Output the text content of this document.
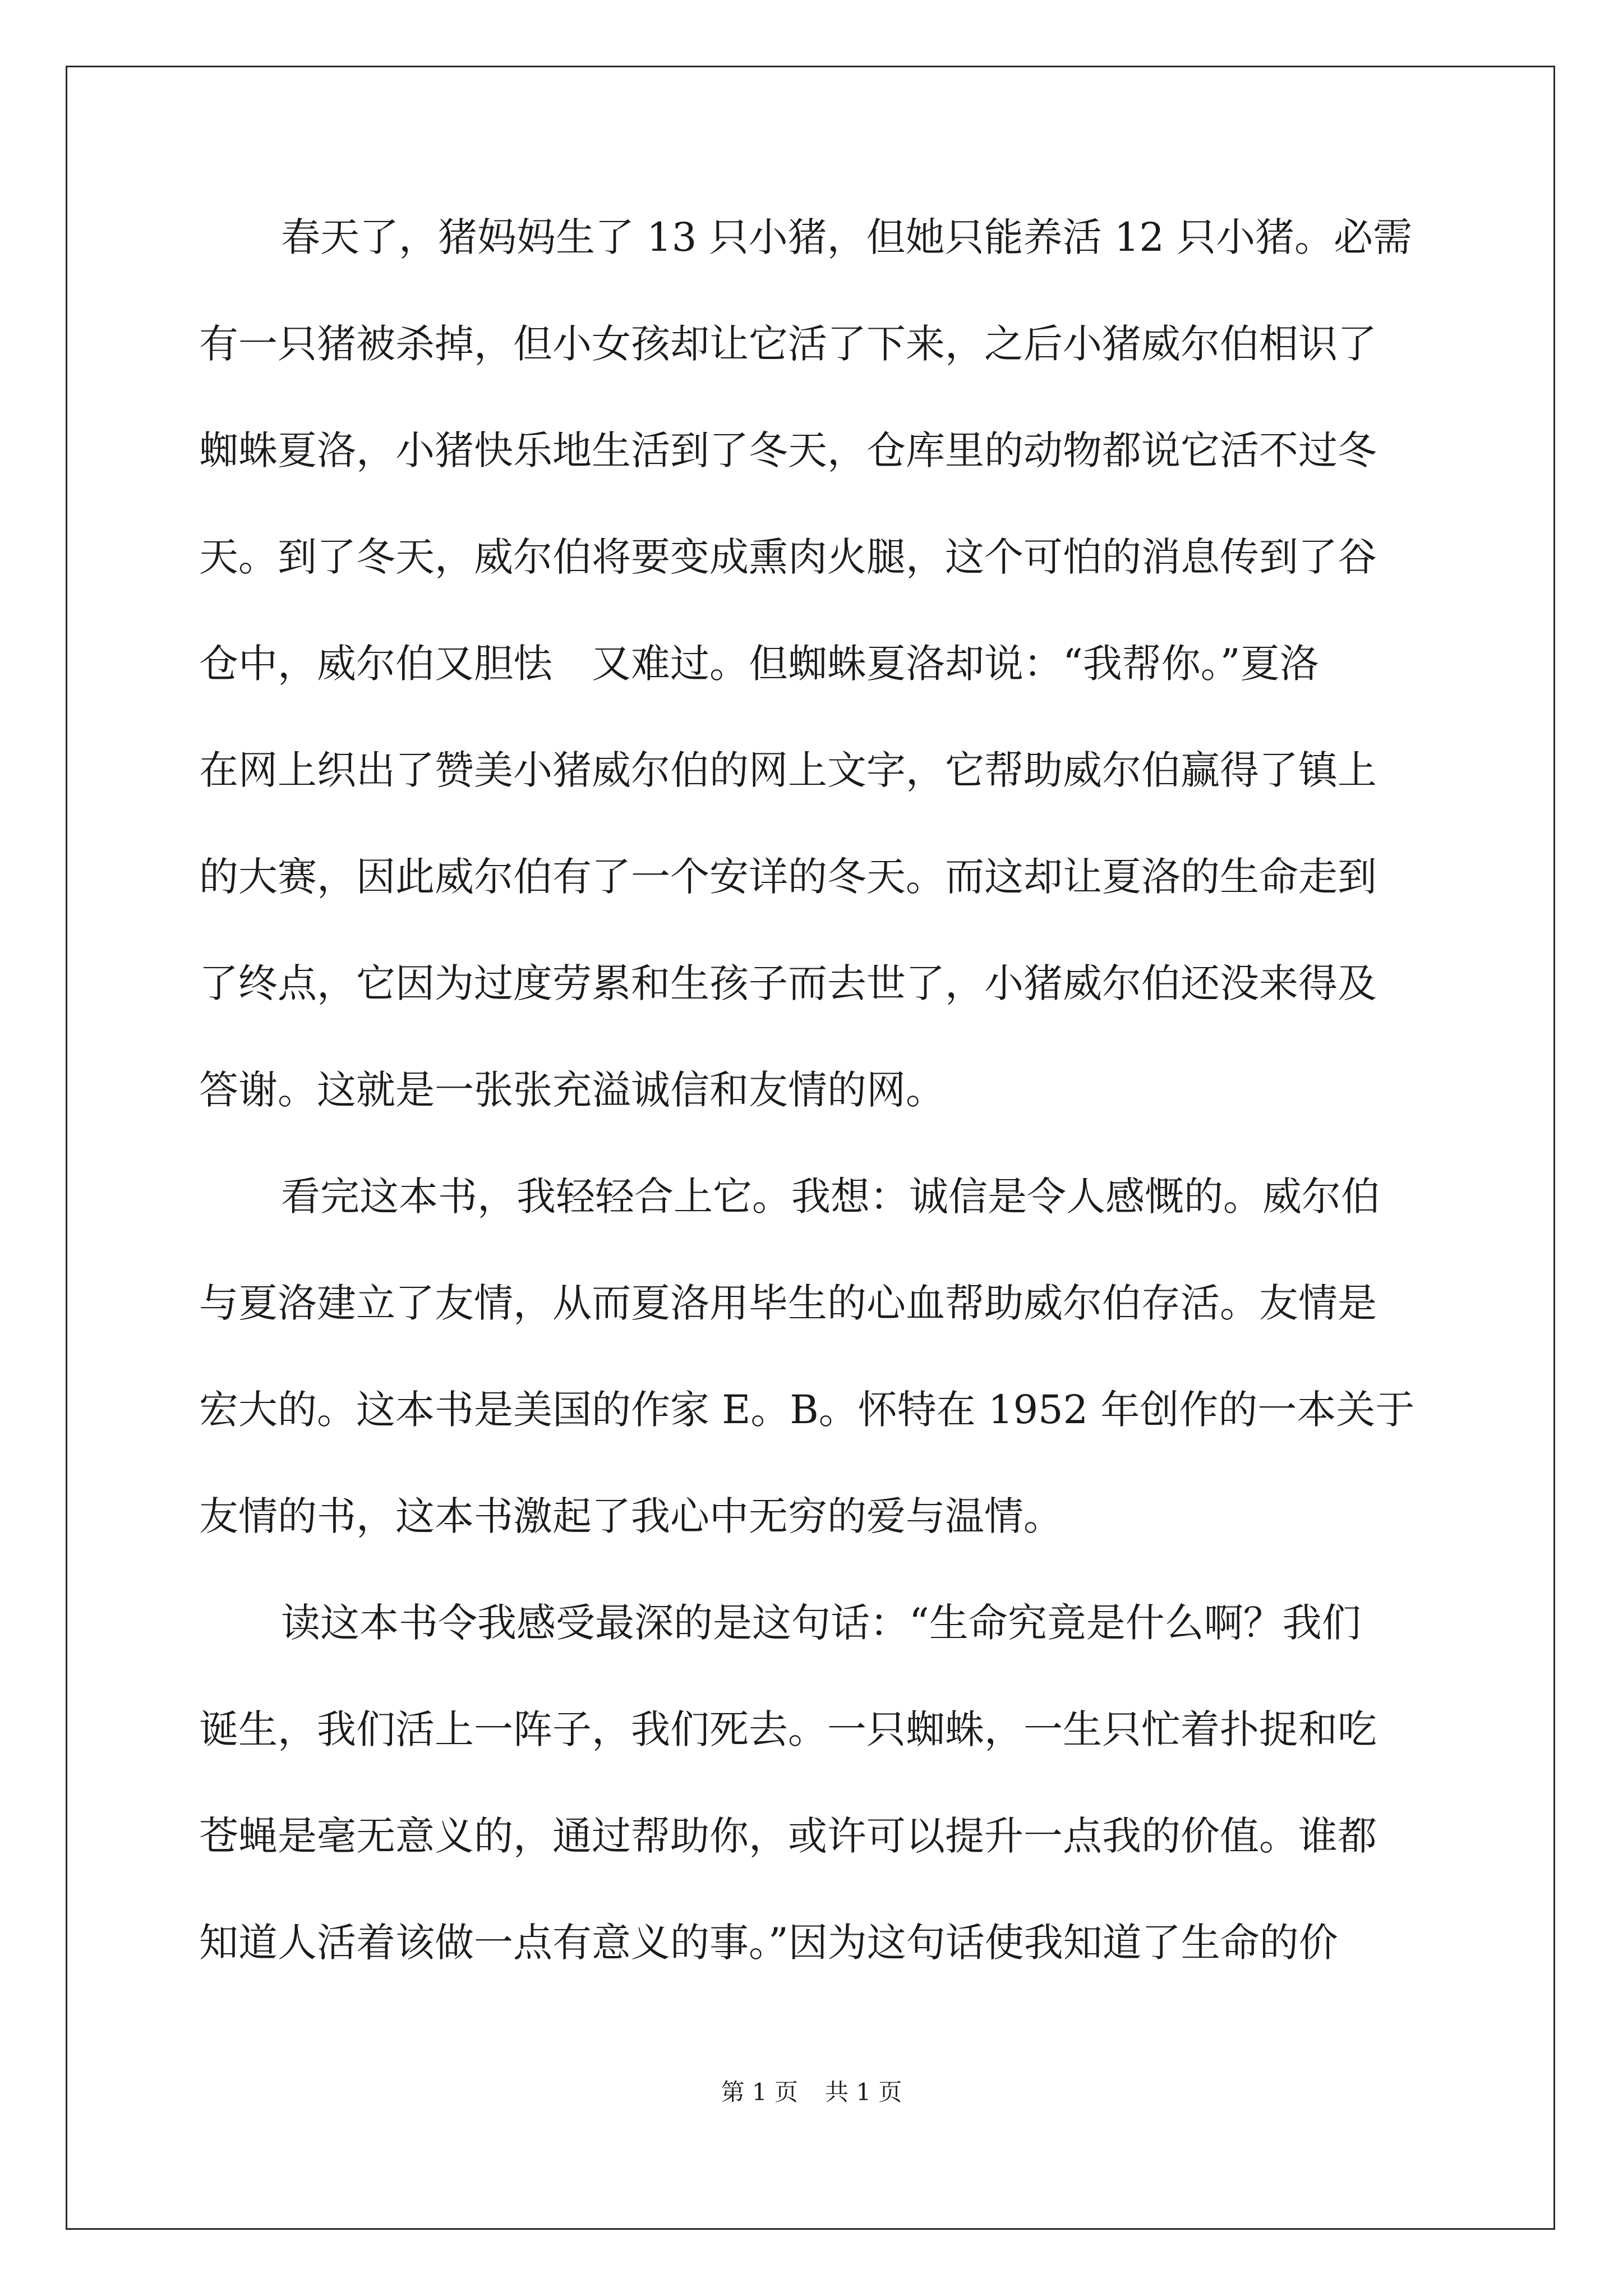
春天了，猪妈妈生了 13 只小猪，但她只能养活 12 只小猪。必需
有一只猪被杀掉，但小女孩却让它活了下来，之后小猪威尔伯相识了
蜘蛛夏洛，小猪快乐地生活到了冬天，仓库里的动物都说它活不过冬
天。到了冬天，威尔伯将要变成熏肉火腿，这个可怕的消息传到了谷
仓中，威尔伯又胆怯　又难过。但蜘蛛夏洛却说：“我帮你。”夏洛
在网上织出了赞美小猪威尔伯的网上文字，它帮助威尔伯赢得了镇上
的大赛，因此威尔伯有了一个安详的冬天。而这却让夏洛的生命走到
了终点，它因为过度劳累和生孩子而去世了，小猪威尔伯还没来得及
答谢。这就是一张张充溢诚信和友情的网。
看完这本书，我轻轻合上它。我想：诚信是令人感慨的。威尔伯
与夏洛建立了友情，从而夏洛用毕生的心血帮助威尔伯存活。友情是
宏大的。这本书是美国的作家 E。B。怀特在 1952 年创作的一本关于
友情的书，这本书激起了我心中无穷的爱与温情。
读这本书令我感受最深的是这句话：“生命究竟是什么啊？我们
诞生，我们活上一阵子，我们死去。一只蜘蛛，一生只忙着扑捉和吃
苍蝇是毫无意义的，通过帮助你，或许可以提升一点我的价值。谁都
知道人活着该做一点有意义的事。”因为这句话使我知道了生命的价
第 1 页 共 1 页
